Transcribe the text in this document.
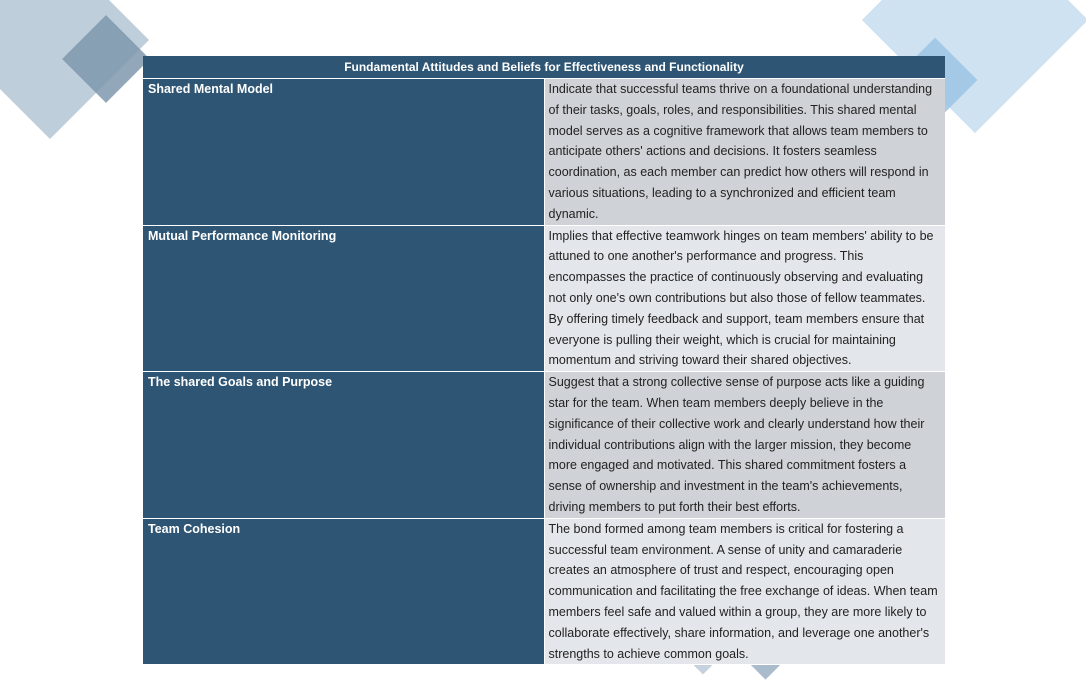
Fundamental Attitudes and Beliefs for Effectiveness and Functionality	
Shared Mental Model	Indicate that successful teams thrive on a foundational understanding of their tasks, goals, roles, and responsibilities. This shared mental model serves as a cognitive framework that allows team members to anticipate others' actions and decisions. It fosters seamless coordination, as each member can predict how others will respond in various situations, leading to a synchronized and efficient team dynamic.
Mutual Performance Monitoring	Implies that effective teamwork hinges on team members' ability to be attuned to one another's performance and progress. This encompasses the practice of continuously observing and evaluating not only one's own contributions but also those of fellow teammates. By offering timely feedback and support, team members ensure that everyone is pulling their weight, which is crucial for maintaining momentum and striving toward their shared objectives.
The shared Goals and Purpose	Suggest that a strong collective sense of purpose acts like a guiding star for the team. When team members deeply believe in the significance of their collective work and clearly understand how their individual contributions align with the larger mission, they become more engaged and motivated. This shared commitment fosters a sense of ownership and investment in the team's achievements, driving members to put forth their best efforts.
Team Cohesion	The bond formed among team members is critical for fostering a successful team environment. A sense of unity and camaraderie creates an atmosphere of trust and respect, encouraging open communication and facilitating the free exchange of ideas. When team members feel safe and valued within a group, they are more likely to collaborate effectively, share information, and leverage one another's strengths to achieve common goals.
